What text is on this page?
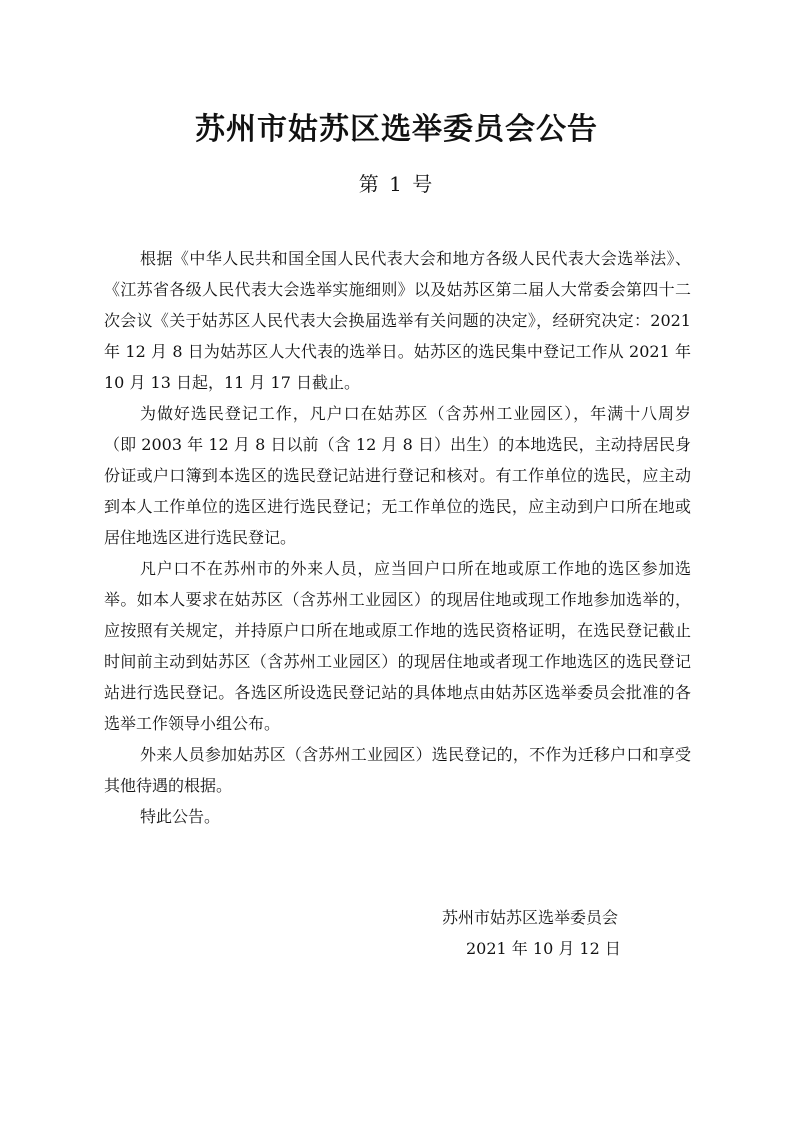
苏州市姑苏区选举委员会公告
第 1 号

根据《中华人民共和国全国人民代表大会和地方各级人民代表大会选举法》、《江苏省各级人民代表大会选举实施细则》以及姑苏区第二届人大常委会第四十二次会议《关于姑苏区人民代表大会换届选举有关问题的决定》，经研究决定：2021 年 12 月 8 日为姑苏区人大代表的选举日。姑苏区的选民集中登记工作从 2021 年 10 月 13 日起，11 月 17 日截止。

为做好选民登记工作，凡户口在姑苏区（含苏州工业园区），年满十八周岁（即 2003 年 12 月 8 日以前（含 12 月 8 日）出生）的本地选民，主动持居民身份证或户口簿到本选区的选民登记站进行登记和核对。有工作单位的选民，应主动到本人工作单位的选区进行选民登记；无工作单位的选民，应主动到户口所在地或居住地选区进行选民登记。

凡户口不在苏州市的外来人员，应当回户口所在地或原工作地的选区参加选举。如本人要求在姑苏区（含苏州工业园区）的现居住地或现工作地参加选举的，应按照有关规定，并持原户口所在地或原工作地的选民资格证明，在选民登记截止时间前主动到姑苏区（含苏州工业园区）的现居住地或者现工作地选区的选民登记站进行选民登记。各选区所设选民登记站的具体地点由姑苏区选举委员会批准的各选举工作领导小组公布。

外来人员参加姑苏区（含苏州工业园区）选民登记的，不作为迁移户口和享受其他待遇的根据。

特此公告。

苏州市姑苏区选举委员会
2021 年 10 月 12 日
